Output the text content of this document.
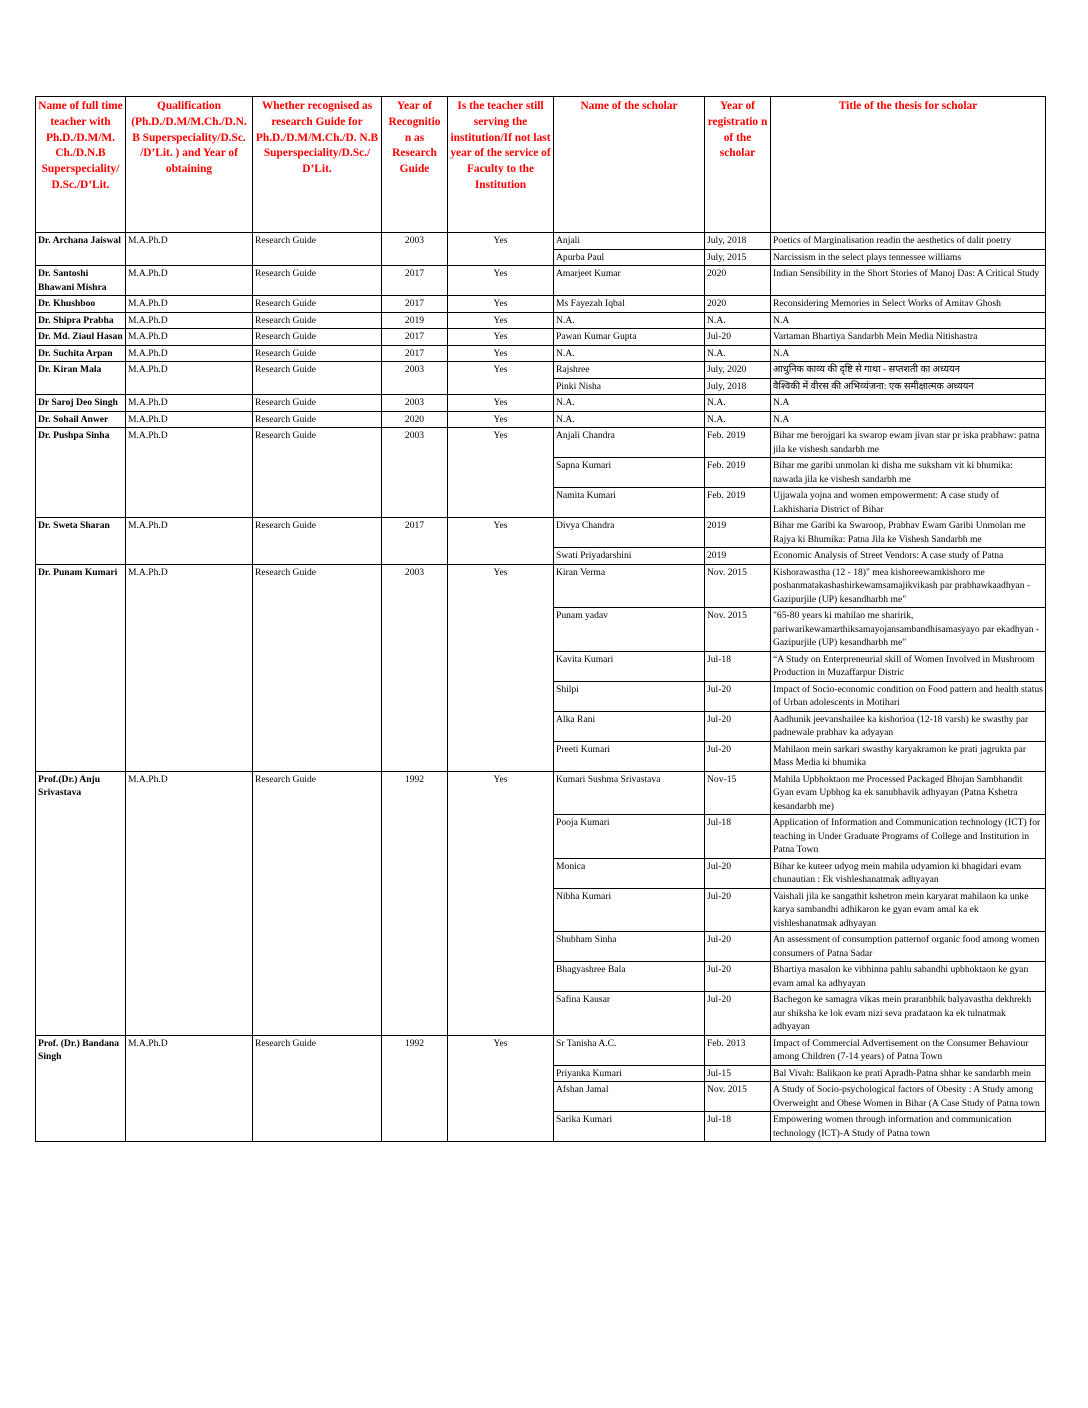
Name of full time teacher with Ph.D./D.M/M. Ch./D.N.B Superspeciality/ D.Sc./D’Lit.	Qualification (Ph.D./D.M/M.Ch./D.N.B Superspeciality/D.Sc. /D’Lit. ) and Year of obtaining	Whether recognised as research Guide for Ph.D./D.M/M.Ch./D. N.B Superspeciality/D.Sc./ D’Lit.	Year of Recognitio n as Research Guide	Is the teacher still serving the institution/If not last year of the service of Faculty to the Institution	Name of the scholar	Year of registratio n of the scholar	Title of the thesis for scholar
Dr. Archana Jaiswal	M.A.Ph.D	Research Guide	2003	Yes	Anjali	July, 2018	Poetics of Marginalisation readin the aesthetics of dalit poetry
					Apurba Paul	July, 2015	Narcissism in the select plays tennessee williams
Dr. Santoshi Bhawani Mishra	M.A.Ph.D	Research Guide	2017	Yes	Amarjeet Kumar	2020	Indian Sensibility in the Short Stories of Manoj Das: A Critical Study
Dr. Khushboo	M.A.Ph.D	Research Guide	2017	Yes	Ms Fayezah Iqbal	2020	Reconsidering Memories in Select Works of Amitav Ghosh
Dr. Shipra Prabha	M.A.Ph.D	Research Guide	2019	Yes	N.A.	N.A.	N.A
Dr. Md. Ziaul Hasan	M.A.Ph.D	Research Guide	2017	Yes	Pawan Kumar Gupta	Jul-20	Vartaman Bhartiya Sandarbh Mein Media Nitishastra
Dr. Suchita Arpan	M.A.Ph.D	Research Guide	2017	Yes	N.A.	N.A.	N.A
Dr. Kiran Mala	M.A.Ph.D	Research Guide	2003	Yes	Rajshree	July, 2020	आधुनिक काव्य की दृष्टि से गाथा - सप्तशती का अध्ययन
					Pinki Nisha	July, 2018	वैश्विकी में वीरस की अभिव्यंजना: एक समीक्षात्मक अध्ययन
Dr Saroj Deo Singh	M.A.Ph.D	Research Guide	2003	Yes	N.A.	N.A.	N.A
Dr. Sohail Anwer	M.A.Ph.D	Research Guide	2020	Yes	N.A.	N.A.	N.A
Dr. Pushpa Sinha	M.A.Ph.D	Research Guide	2003	Yes	Anjali Chandra	Feb. 2019	Bihar me berojgari ka swarop ewam jivan star pr iska prabhaw: patna jila ke vishesh sandarbh me
					Sapna Kumari	Feb. 2019	Bihar me garibi unmolan ki disha me suksham vit ki bhumika: nawada jila ke vishesh sandarbh me
					Namita Kumari	Feb. 2019	Ujjawala yojna and women empowerment: A case study of Lakhisharia District of Bihar
Dr. Sweta Sharan	M.A.Ph.D	Research Guide	2017	Yes	Divya Chandra	2019	Bihar me Garibi ka Swaroop, Prabhav Ewam Garibi Unmolan me Rajya ki Bhumika: Patna Jila ke Vishesh Sandarbh me
					Swati Priyadarshini	2019	Economic Analysis of Street Vendors: A case study of Patna
Dr. Punam Kumari	M.A.Ph.D	Research Guide	2003	Yes	Kiran Verma	Nov. 2015	Kishorawastha (12 - 18)" mea kishoreewamkishoro me poshanmatakashashirkewamsamajikvikash par prabhawkaadhyan - Gazipurjile (UP) kesandharbh me"
					Punam yadav	Nov. 2015	"65-80 years ki mahilao me sharirik, pariwarikewamarthiksamayojansambandhisamasyayo par ekadhyan -Gazipurjile (UP) kesandharbh me"
					Kavita Kumari	Jul-18	“A Study on Enterpreneurial skill of Women Involved in Mushroom Production in Muzaffarpur Distric
					Shilpi	Jul-20	Impact of Socio-economic condition on Food pattern and health status of Urban adolescents in Motihari
					Alka Rani	Jul-20	Aadhunik jeevanshailee ka kishorioa (12-18 varsh) ke swasthy par padnewale prabhav ka adyayan
					Preeti Kumari	Jul-20	Mahilaon mein sarkari swasthy karyakramon ke prati jagrukta par Mass Media ki bhumika
Prof.(Dr.) Anju Srivastava	M.A.Ph.D	Research Guide	1992	Yes	Kumari Sushma Srivastava	Nov-15	Mahila Upbhoktaon me Processed Packaged Bhojan Sambhandit Gyan evam Upbhog ka ek sanubhavik adhyayan (Patna Kshetra kesandarbh me)
					Pooja Kumari	Jul-18	Application of Information and Communication technology (ICT) for teaching in Under Graduate Programs of College and Institution in Patna Town
					Monica	Jul-20	Bihar ke kuteer udyog mein mahila udyamion ki bhagidari evam chunautian : Ek vishleshanatmak adhyayan
					Nibha Kumari	Jul-20	Vaishali jila ke sangathit kshetron mein karyarat mahilaon ka unke karya sambandhi adhikaron ke gyan evam amal ka ek vishleshanatmak adhyayan
					Shubham Sinha	Jul-20	An assessment of consumption patternof organic food among women consumers of Patna Sadar
					Bhagyashree Bala	Jul-20	Bhartiya masalon ke vibhinna pahlu sabandhi upbhoktaon ke gyan evam amal ka adhyayan
					Safina Kausar	Jul-20	Bachegon ke samagra vikas mein praranbhik balyavastha dekhrekh aur shiksha ke lok evam nizi seva pradataon ka ek tulnatmak adhyayan
Prof. (Dr.) Bandana Singh	M.A.Ph.D	Research Guide	1992	Yes	Sr Tanisha A.C.	Feb. 2013	Impact of Commercial Advertisement on the Consumer Behaviour among Children (7-14 years) of Patna Town
					Priyanka Kumari	Jul-15	Bal Vivah: Balikaon ke prati Apradh-Patna shhar ke sandarbh mein
					Afshan Jamal	Nov. 2015	A Study of Socio-psychological factors of Obesity : A Study among Overweight and Obese Women in Bihar (A Case Study of Patna town
					Sarika Kumari	Jul-18	Empowering women through information and communication technology (ICT)-A Study of Patna town
